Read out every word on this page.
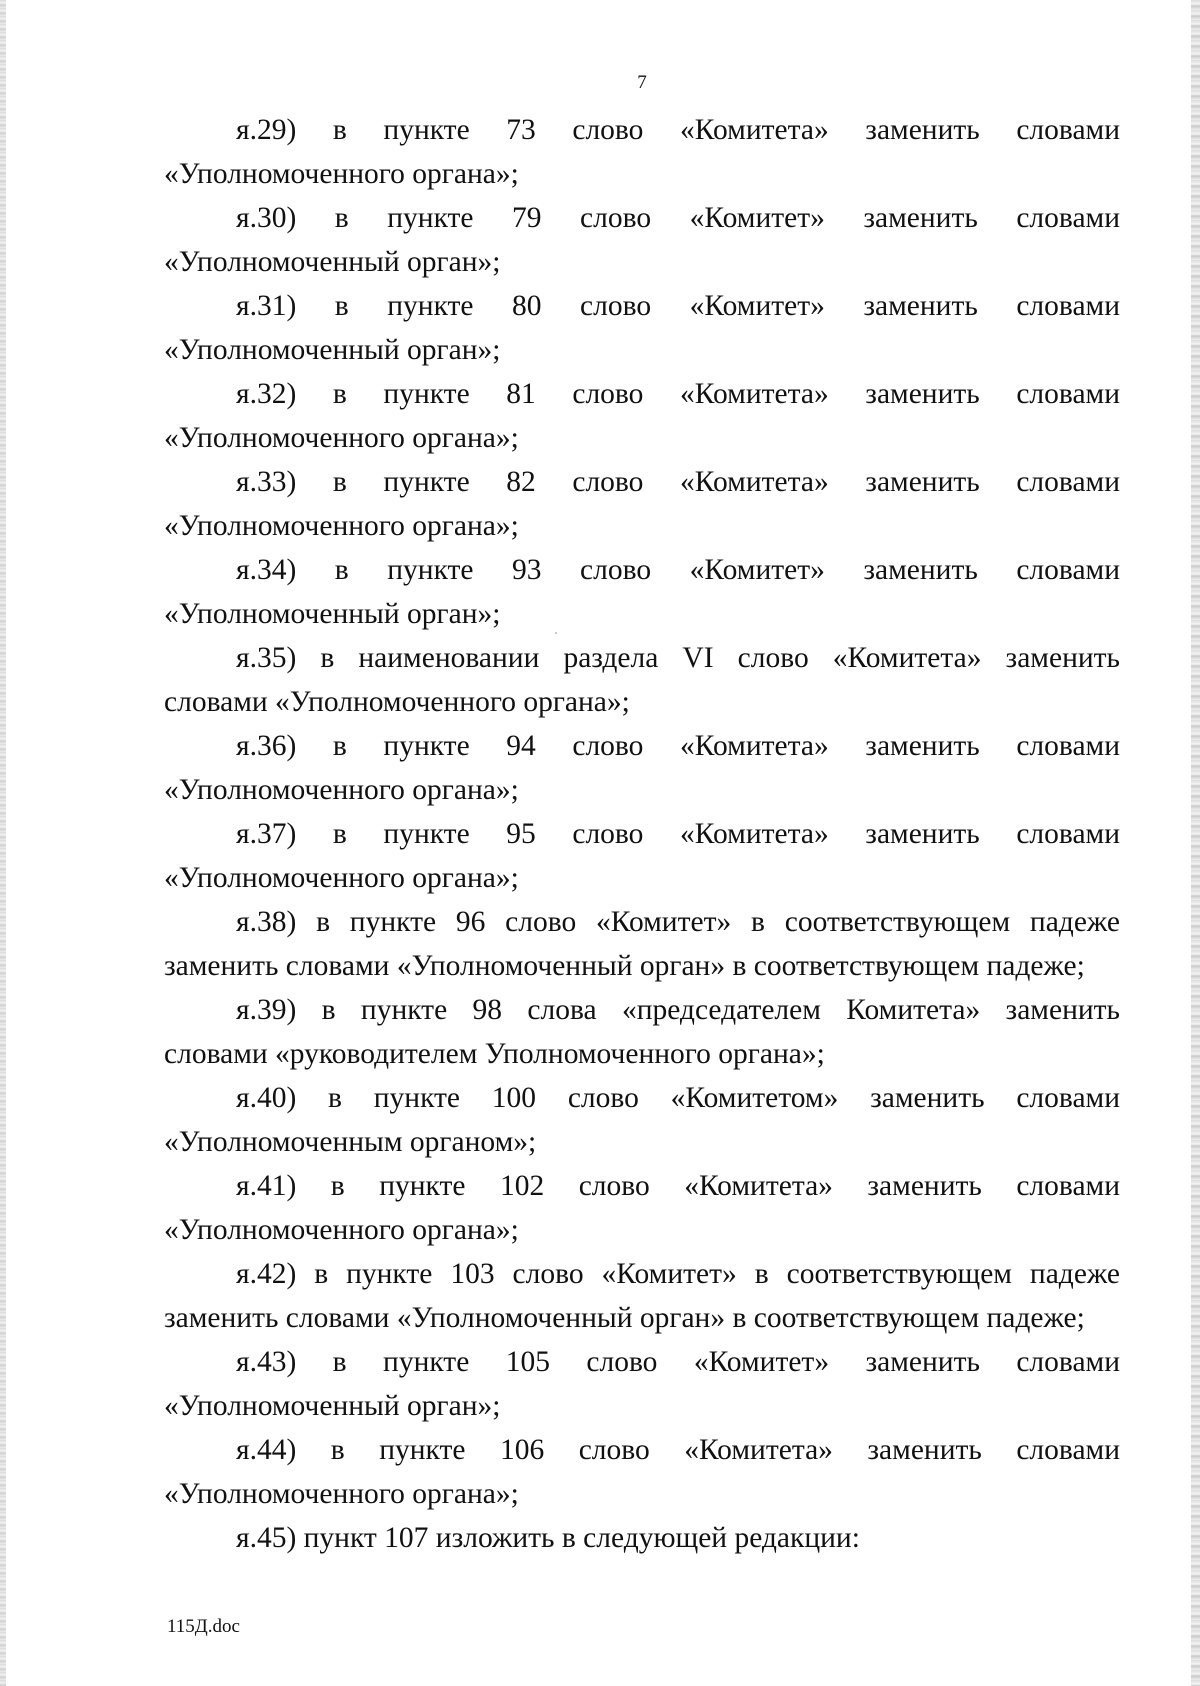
7

я.29) в пункте 73 слово «Комитета» заменить словами

«Уполномоченного органа»;

я.30) в пункте 79 слово «Комитет» заменить словами

«Уполномоченный орган»;

я.31) в пункте 80 слово «Комитет» заменить словами

«Уполномоченный орган»;

я.32) в пункте 81 слово «Комитета» заменить словами

«Уполномоченного органа»;

я.33) в пункте 82 слово «Комитета» заменить словами

«Уполномоченного органа»;

я.34) в пункте 93 слово «Комитет» заменить словами

«Уполномоченный орган»;

я.35) в наименовании раздела VI слово «Комитета» заменить

словами «Уполномоченного органа»;

я.36) в пункте 94 слово «Комитета» заменить словами

«Уполномоченного органа»;

я.37) в пункте 95 слово «Комитета» заменить словами

«Уполномоченного органа»;

я.38) в пункте 96 слово «Комитет» в соответствующем падеже

заменить словами «Уполномоченный орган» в соответствующем падеже;

я.39) в пункте 98 слова «председателем Комитета» заменить

словами «руководителем Уполномоченного органа»;

я.40) в пункте 100 слово «Комитетом» заменить словами

«Уполномоченным органом»;

я.41) в пункте 102 слово «Комитета» заменить словами

«Уполномоченного органа»;

я.42) в пункте 103 слово «Комитет» в соответствующем падеже

заменить словами «Уполномоченный орган» в соответствующем падеже;

я.43) в пункте 105 слово «Комитет» заменить словами

«Уполномоченный орган»;

я.44) в пункте 106 слово «Комитета» заменить словами

«Уполномоченного органа»;

я.45) пункт 107 изложить в следующей редакции:

115Д.doc
